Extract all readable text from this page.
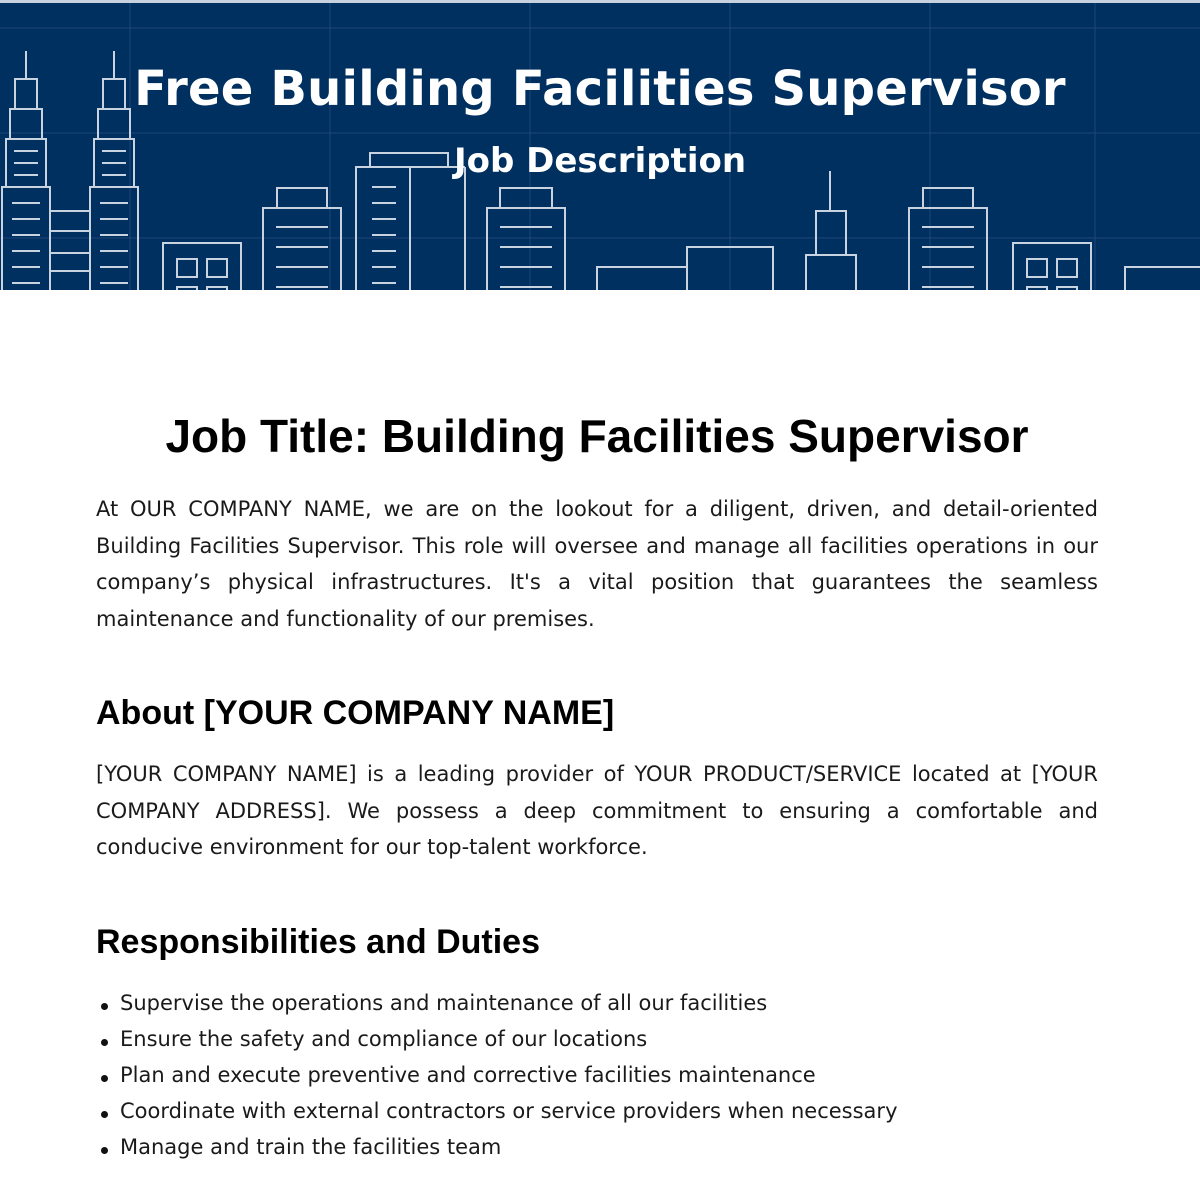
Free Building Facilities Supervisor
Job Description
Job Title: Building Facilities Supervisor

At OUR COMPANY NAME, we are on the lookout for a diligent, driven, and detail-oriented Building Facilities Supervisor. This role will oversee and manage all facilities operations in our company’s physical infrastructures. It's a vital position that guarantees the seamless maintenance and functionality of our premises.

About [YOUR COMPANY NAME]

[YOUR COMPANY NAME] is a leading provider of YOUR PRODUCT/SERVICE located at [YOUR COMPANY ADDRESS]. We possess a deep commitment to ensuring a comfortable and conducive environment for our top-talent workforce.

Responsibilities and Duties
Supervise the operations and maintenance of all our facilities
Ensure the safety and compliance of our locations
Plan and execute preventive and corrective facilities maintenance
Coordinate with external contractors or service providers when necessary
Manage and train the facilities team
